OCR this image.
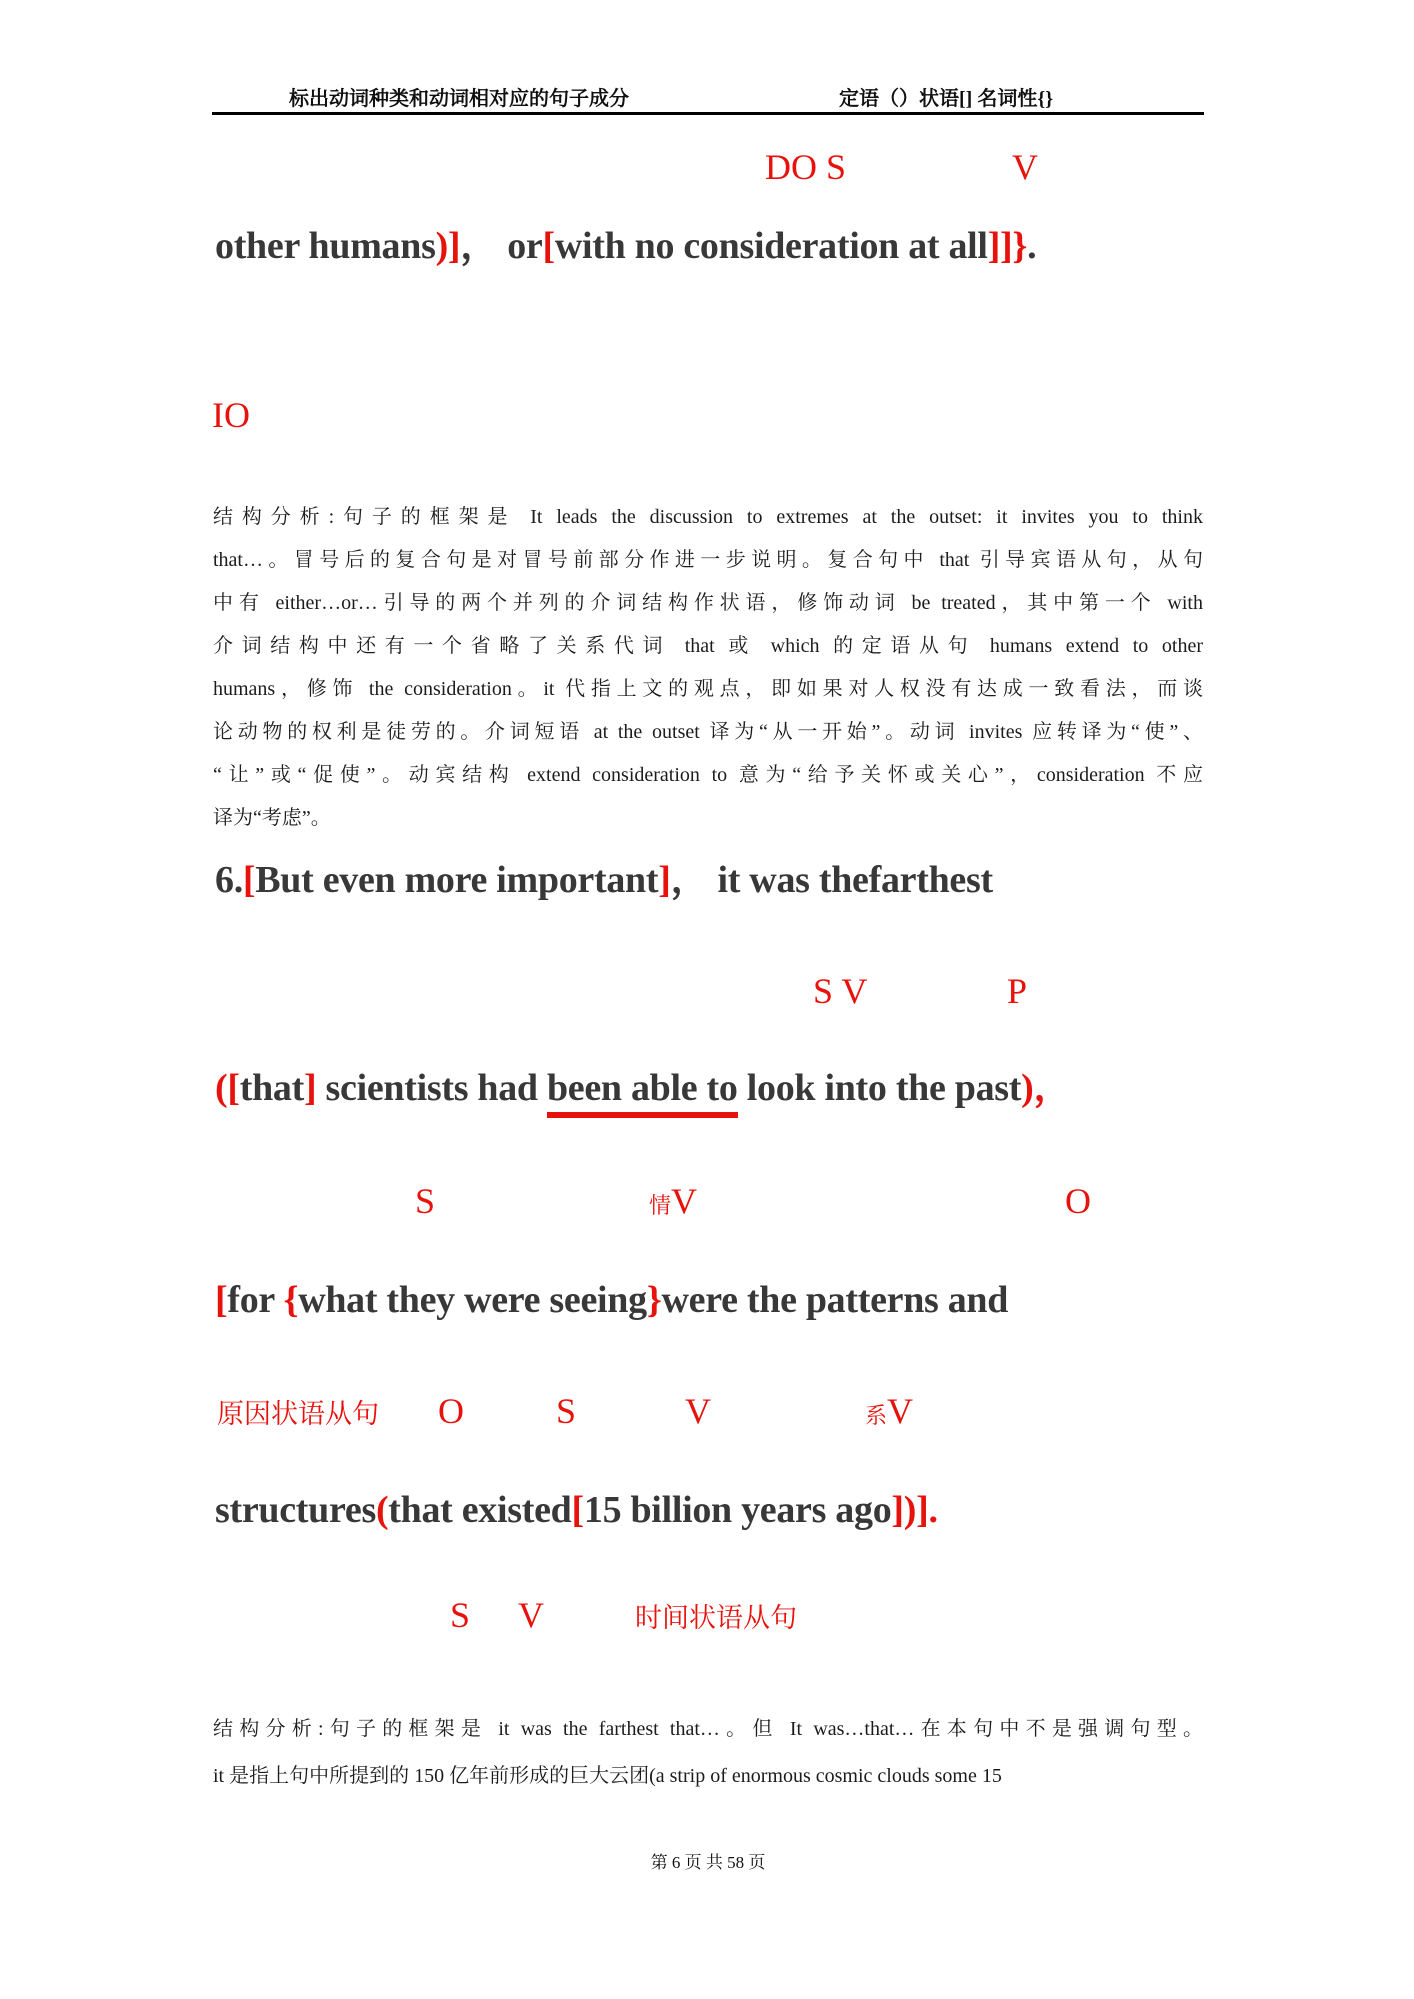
标出动词种类和动词相对应的句子成分	定语（）状语[] 名词性{}
DO S	V
other humans)]， or[with no consideration at all]]}.
IO
结构分析:句子的框架是 It leads the discussion to extremes at the outset: it invites you to think
that…。冒号后的复合句是对冒号前部分作进一步说明。复合句中 that 引导宾语从句，从句
中有 either…or…引导的两个并列的介词结构作状语，修饰动词 be treated，其中第一个 with
介词结构中还有一个省略了关系代词 that 或 which 的定语从句 humans extend to other
humans，修饰 the consideration。it 代指上文的观点，即如果对人权没有达成一致看法，而谈
论动物的权利是徒劳的。介词短语 at the outset 译为“从一开始”。动词 invites 应转译为“使”、
“让”或“促使”。动宾结构 extend consideration to 意为“给予关怀或关心”，consideration 不应
译为“考虑”。
6.[But even more important]， it was thefarthest
S V	P
([that] scientists had been able to look into the past)，
S	情V	O
[for {what they were seeing}were the patterns and
原因状语从句 O	S	V	系V
structures(that existed[15 billion years ago])].
S V	时间状语从句
结构分析:句子的框架是 it was the farthest that…。但 It was…that…在本句中不是强调句型。
it 是指上句中所提到的 150 亿年前形成的巨大云团(a strip of enormous cosmic clouds some 15
第 6 页 共 58 页
